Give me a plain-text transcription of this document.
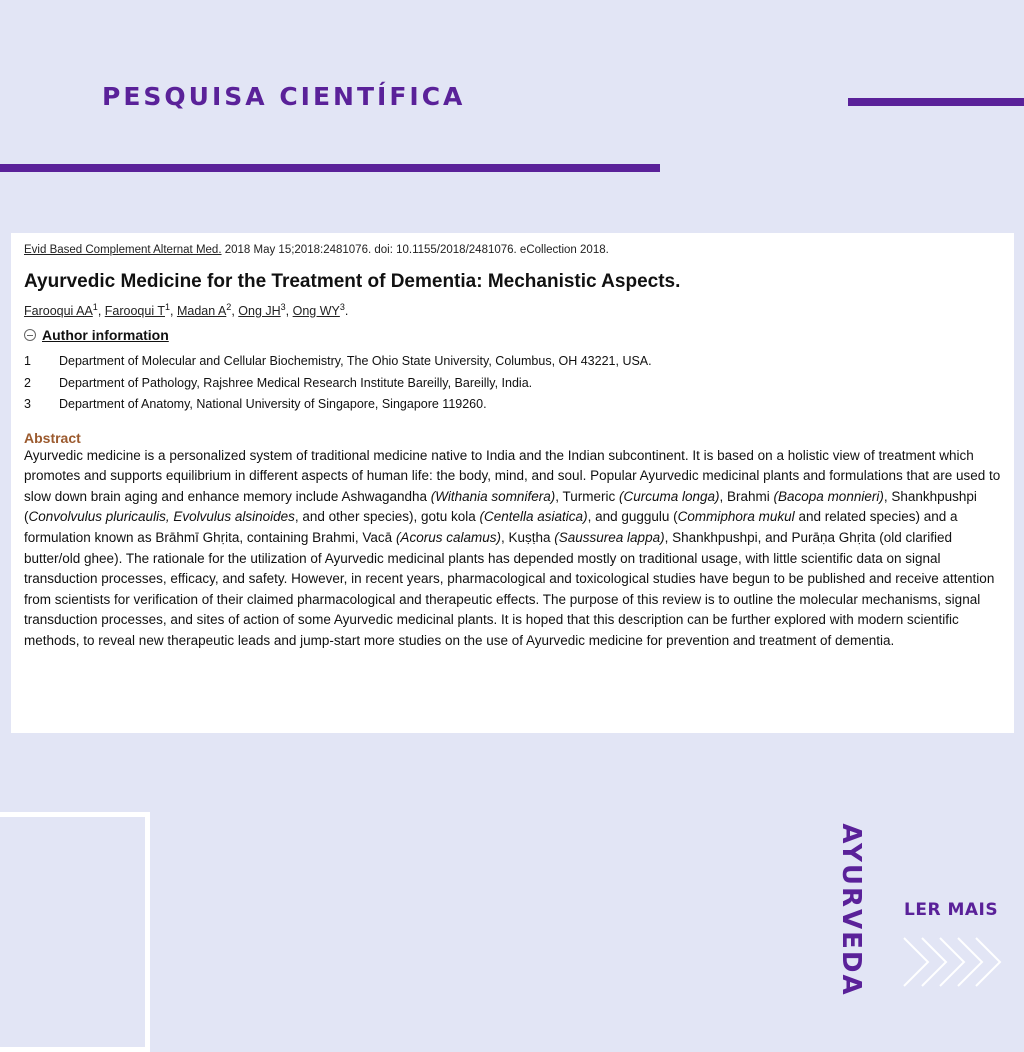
PESQUISA CIENTÍFICA

Evid Based Complement Alternat Med. 2018 May 15;2018:2481076. doi: 10.1155/2018/2481076. eCollection 2018.

Ayurvedic Medicine for the Treatment of Dementia: Mechanistic Aspects.

Farooqui $AA^1$, Farooqui $T^1$, Madan $A^2$, Ong $JH^3$, Ong $WY^3$.

Author information
1	Department of Molecular and Cellular Biochemistry, The Ohio State University, Columbus, OH 43221, USA.
2	Department of Pathology, Rajshree Medical Research Institute Bareilly, Bareilly, India.
3	Department of Anatomy, National University of Singapore, Singapore 119260.
Abstract

Ayurvedic medicine is a personalized system of traditional medicine native to India and the Indian subcontinent. It is based on a holistic view of treatment which promotes and supports equilibrium in different aspects of human life: the body, mind, and soul. Popular Ayurvedic medicinal plants and formulations that are used to slow down brain aging and enhance memory include Ashwagandha (Withania somnifera), Turmeric (Curcuma longa), Brahmi (Bacopa monnieri), Shankhpushpi (Convolvulus pluricaulis, Evolvulus alsinoides, and other species), gotu kola (Centella asiatica), and guggulu (Commiphora mukul and related species) and a formulation known as Brāhmī Ghṛita, containing Brahmi, Vacā (Acorus calamus), Kuṣṭha (Saussurea lappa), Shankhpushpi, and Purāṇa Ghṛita (old clarified butter/old ghee). The rationale for the utilization of Ayurvedic medicinal plants has depended mostly on traditional usage, with little scientific data on signal transduction processes, efficacy, and safety. However, in recent years, pharmacological and toxicological studies have begun to be published and receive attention from scientists for verification of their claimed pharmacological and therapeutic effects. The purpose of this review is to outline the molecular mechanisms, signal transduction processes, and sites of action of some Ayurvedic medicinal plants. It is hoped that this description can be further explored with modern scientific methods, to reveal new therapeutic leads and jump-start more studies on the use of Ayurvedic medicine for prevention and treatment of dementia.

AYURVEDA LER MAIS
